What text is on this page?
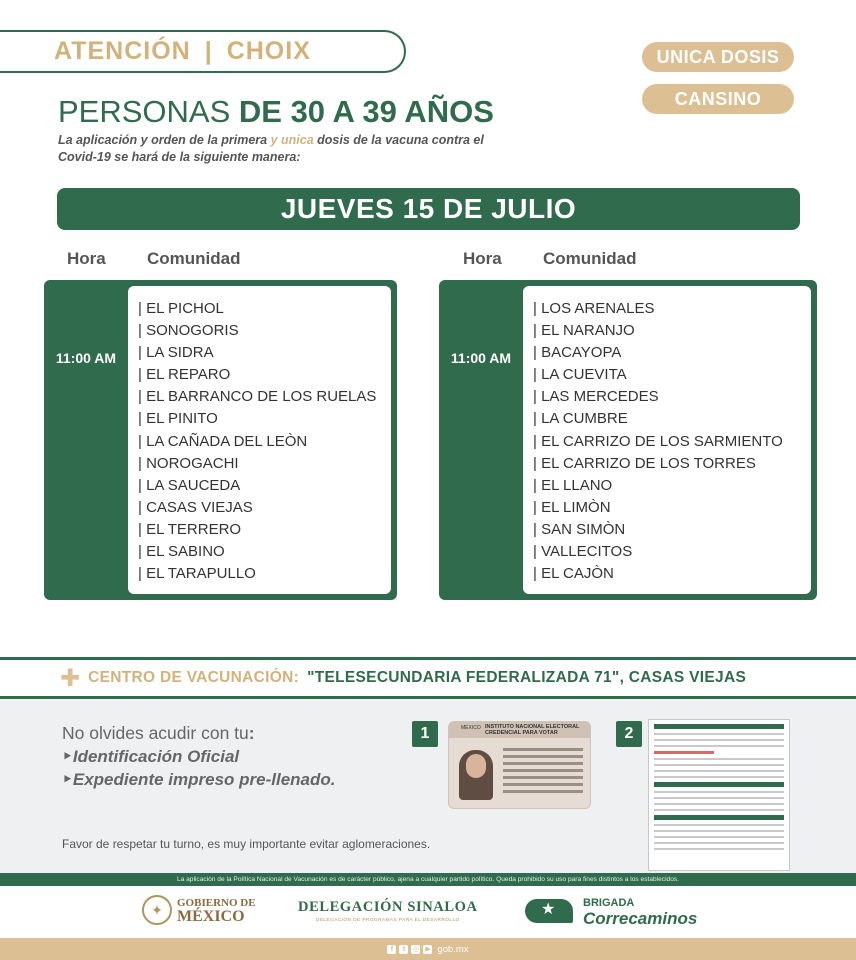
ATENCIÓN | CHOIX	UNICA DOSIS
CANSINO
PERSONAS DE 30 A 39 AÑOS
La aplicación y orden de la primera y unica dosis de la vacuna contra el Covid-19 se hará de la siguiente manera:
JUEVES 15 DE JULIO
Hora Comunidad	Hora Comunidad
11:00 AM
| EL PICHOL
| SONOGORIS
| LA SIDRA
| EL REPARO
| EL BARRANCO DE LOS RUELAS
| EL PINITO
| LA CAÑADA DEL LEÒN
| NOROGACHI
| LA SAUCEDA
| CASAS VIEJAS
| EL TERRERO
| EL SABINO
| EL TARAPULLO
11:00 AM
| LOS ARENALES
| EL NARANJO
| BACAYOPA
| LA CUEVITA
| LAS MERCEDES
| LA CUMBRE
| EL CARRIZO DE LOS SARMIENTO
| EL CARRIZO DE LOS TORRES
| EL LLANO
| EL LIMÒN
| SAN SIMÒN
| VALLECITOS
| EL CAJÒN
✚ CENTRO DE VACUNACIÓN: "TELESECUNDARIA FEDERALIZADA 71", CASAS VIEJAS
No olvides acudir con tu:
‣Identificación Oficial
‣Expediente impreso pre-llenado.
Favor de respetar tu turno, es muy importante evitar aglomeraciones.
1	MÉXICO INSTITUTO NACIONAL ELECTORAL
CREDENCIAL PARA VOTAR	2
La aplicación de la Política Nacional de Vacunación es de carácter público, ajena a cualquier partido político. Queda prohibido su uso para fines distintos a los establecidos.
✦	GOBIERNO DE
MÉXICO
DELEGACIÓN SINALOA
DELEGACIÓN DE PROGRAMAS PARA EL DESARROLLO
★	BRIGADA
Correcaminos
f	t	◎ ▶ gob.mx
